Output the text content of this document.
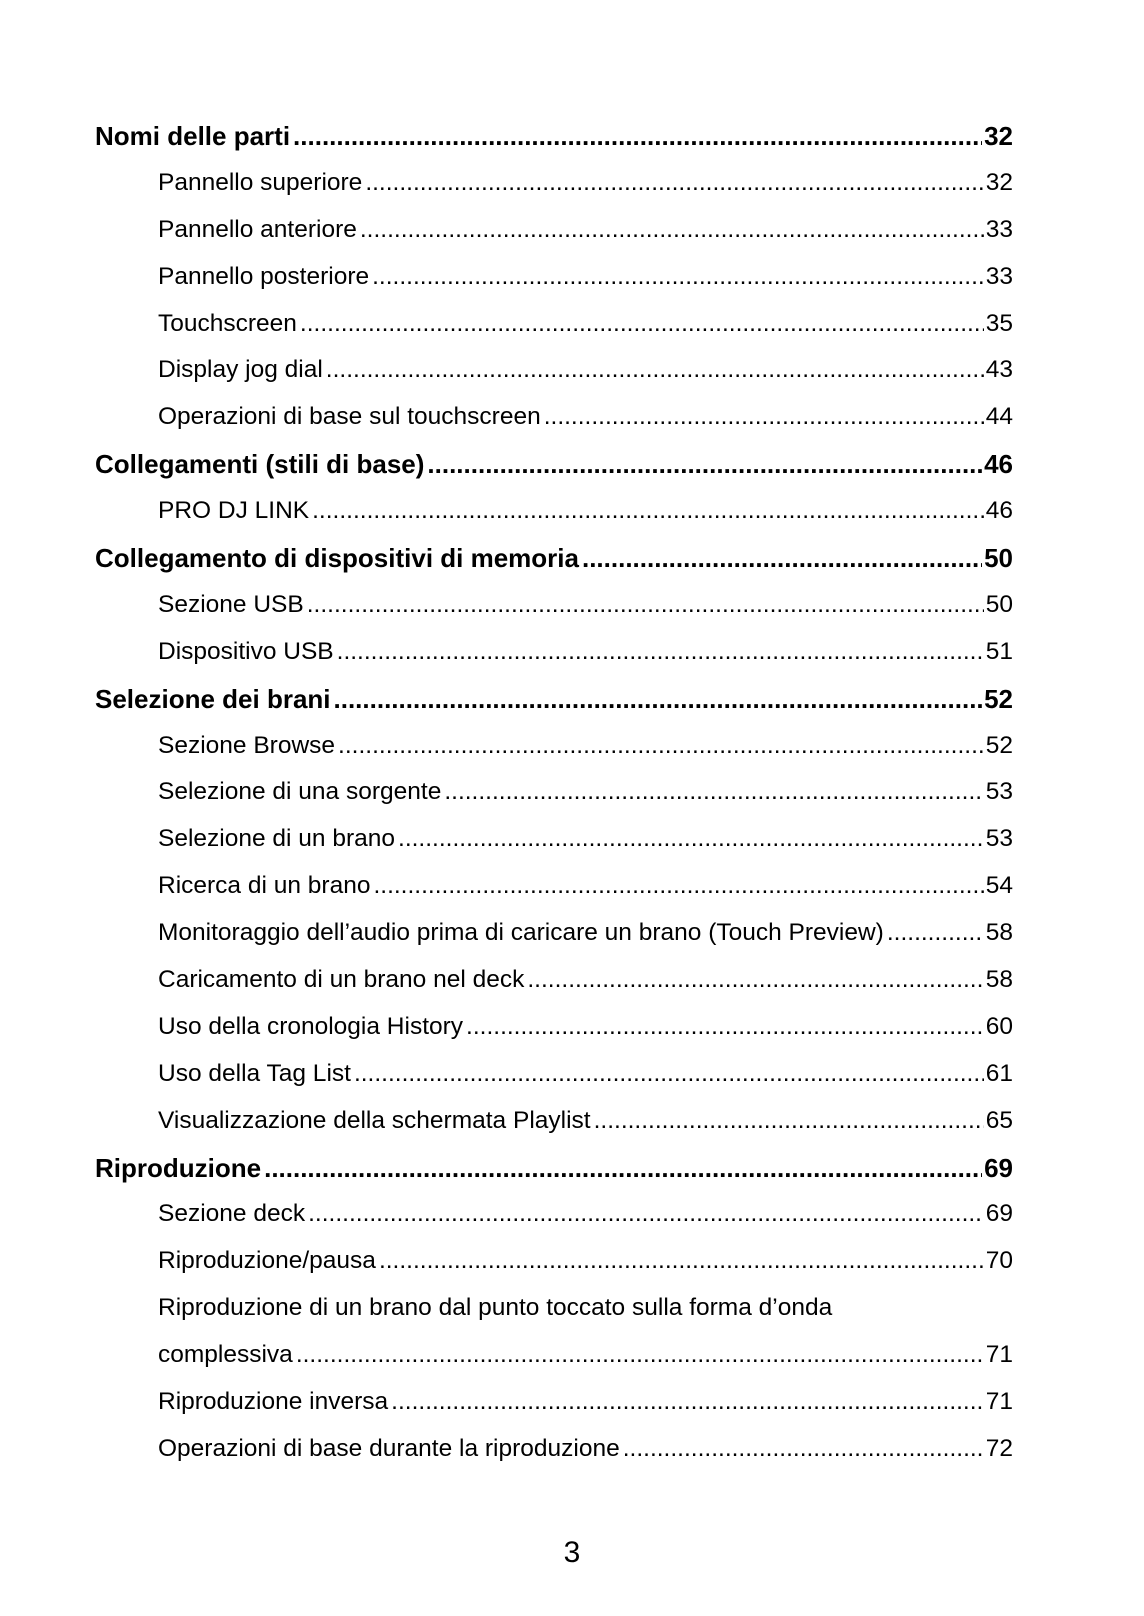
Nomi delle parti .....	32
Pannello superiore .....	32
Pannello anteriore .....	33
Pannello posteriore .....	33
Touchscreen .....	35
Display jog dial .....	43
Operazioni di base sul touchscreen .....	44
Collegamenti (stili di base) .....	46
PRO DJ LINK .....	46
Collegamento di dispositivi di memoria .....	50
Sezione USB .....	50
Dispositivo USB .....	51
Selezione dei brani .....	52
Sezione Browse .....	52
Selezione di una sorgente .....	53
Selezione di un brano .....	53
Ricerca di un brano .....	54
Monitoraggio dell’audio prima di caricare un brano (Touch Preview) .....	58
Caricamento di un brano nel deck .....	58
Uso della cronologia History .....	60
Uso della Tag List .....	61
Visualizzazione della schermata Playlist .....	65
Riproduzione .....	69
Sezione deck .....	69
Riproduzione/pausa .....	70
Riproduzione di un brano dal punto toccato sulla forma d’onda
complessiva .....	71
Riproduzione inversa .....	71
Operazioni di base durante la riproduzione .....	72
3
